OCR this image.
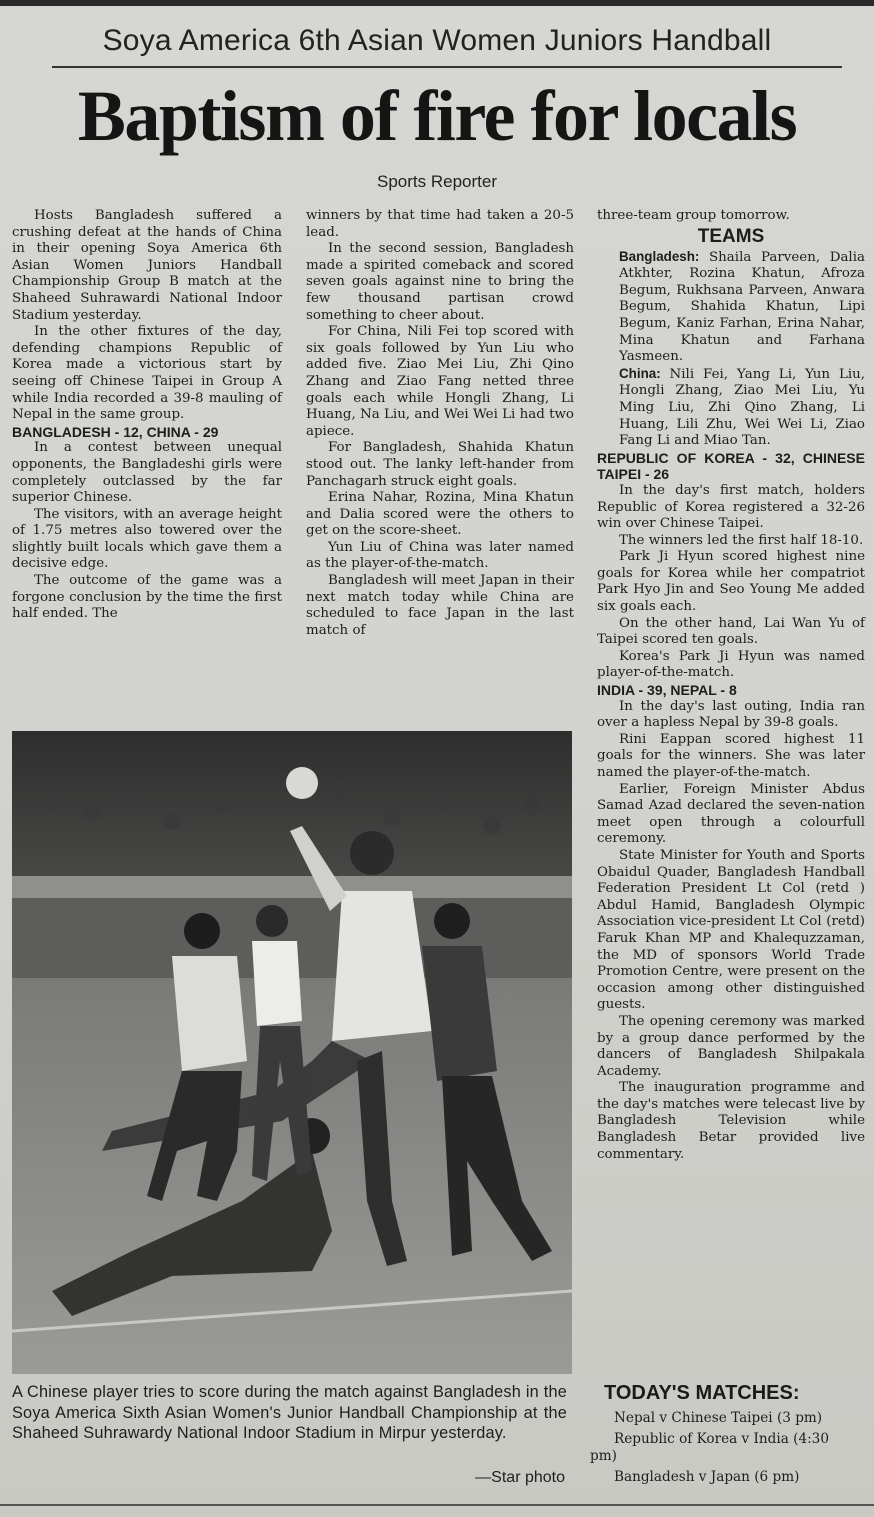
Soya America 6th Asian Women Juniors Handball
Baptism of fire for locals
Sports Reporter

Hosts Bangladesh suffered a crushing defeat at the hands of China in their opening Soya America 6th Asian Women Juniors Handball Championship Group B match at the Shaheed Suhrawardi National Indoor Stadium yesterday.

In the other fixtures of the day, defending champions Republic of Korea made a victorious start by seeing off Chinese Taipei in Group A while India recorded a 39-8 mauling of Nepal in the same group.

BANGLADESH - 12, CHINA - 29

In a contest between unequal opponents, the Bangladeshi girls were completely outclassed by the far superior Chinese.

The visitors, with an average height of 1.75 metres also towered over the slightly built locals which gave them a decisive edge.

The outcome of the game was a forgone conclusion by the time the first half ended. The

winners by that time had taken a 20-5 lead.

In the second session, Bangladesh made a spirited comeback and scored seven goals against nine to bring the few thousand partisan crowd something to cheer about.

For China, Nili Fei top scored with six goals followed by Yun Liu who added five. Ziao Mei Liu, Zhi Qino Zhang and Ziao Fang netted three goals each while Hongli Zhang, Li Huang, Na Liu, and Wei Wei Li had two apiece.

For Bangladesh, Shahida Khatun stood out. The lanky left-hander from Panchagarh struck eight goals.

Erina Nahar, Rozina, Mina Khatun and Dalia scored were the others to get on the score-sheet.

Yun Liu of China was later named as the player-of-the-match.

Bangladesh will meet Japan in their next match today while China are scheduled to face Japan in the last match of

three-team group tomorrow.

TEAMS

Bangladesh: Shaila Parveen, Dalia Atkhter, Rozina Khatun, Afroza Begum, Rukhsana Parveen, Anwara Begum, Shahida Khatun, Lipi Begum, Kaniz Farhan, Erina Nahar, Mina Khatun and Farhana Yasmeen.

China: Nili Fei, Yang Li, Yun Liu, Hongli Zhang, Ziao Mei Liu, Yu Ming Liu, Zhi Qino Zhang, Li Huang, Lili Zhu, Wei Wei Li, Ziao Fang Li and Miao Tan.

REPUBLIC OF KOREA - 32, CHINESE TAIPEI - 26

In the day's first match, holders Republic of Korea registered a 32-26 win over Chinese Taipei.

The winners led the first half 18-10.

Park Ji Hyun scored highest nine goals for Korea while her compatriot Park Hyo Jin and Seo Young Me added six goals each.

On the other hand, Lai Wan Yu of Taipei scored ten goals.

Korea's Park Ji Hyun was named player-of-the-match.

INDIA - 39, NEPAL - 8

In the day's last outing, India ran over a hapless Nepal by 39-8 goals.

Rini Eappan scored highest 11 goals for the winners. She was later named the player-of-the-match.

Earlier, Foreign Minister Abdus Samad Azad declared the seven-nation meet open through a colourfull ceremony.

State Minister for Youth and Sports Obaidul Quader, Bangladesh Handball Federation President Lt Col (retd ) Abdul Hamid, Bangladesh Olympic Association vice-president Lt Col (retd) Faruk Khan MP and Khalequzzaman, the MD of sponsors World Trade Promotion Centre, were present on the occasion among other distinguished guests.

The opening ceremony was marked by a group dance performed by the dancers of Bangladesh Shilpakala Academy.

The inauguration programme and the day's matches were telecast live by Bangladesh Television while Bangladesh Betar provided live commentary.

A Chinese player tries to score during the match against Bangladesh in the Soya America Sixth Asian Women's Junior Handball Championship at the Shaheed Suhrawardy National Indoor Stadium in Mirpur yesterday.
—Star photo
TODAY'S MATCHES:
Nepal v Chinese Taipei (3 pm)
Republic of Korea v India (4:30 pm)
Bangladesh v Japan (6 pm)
